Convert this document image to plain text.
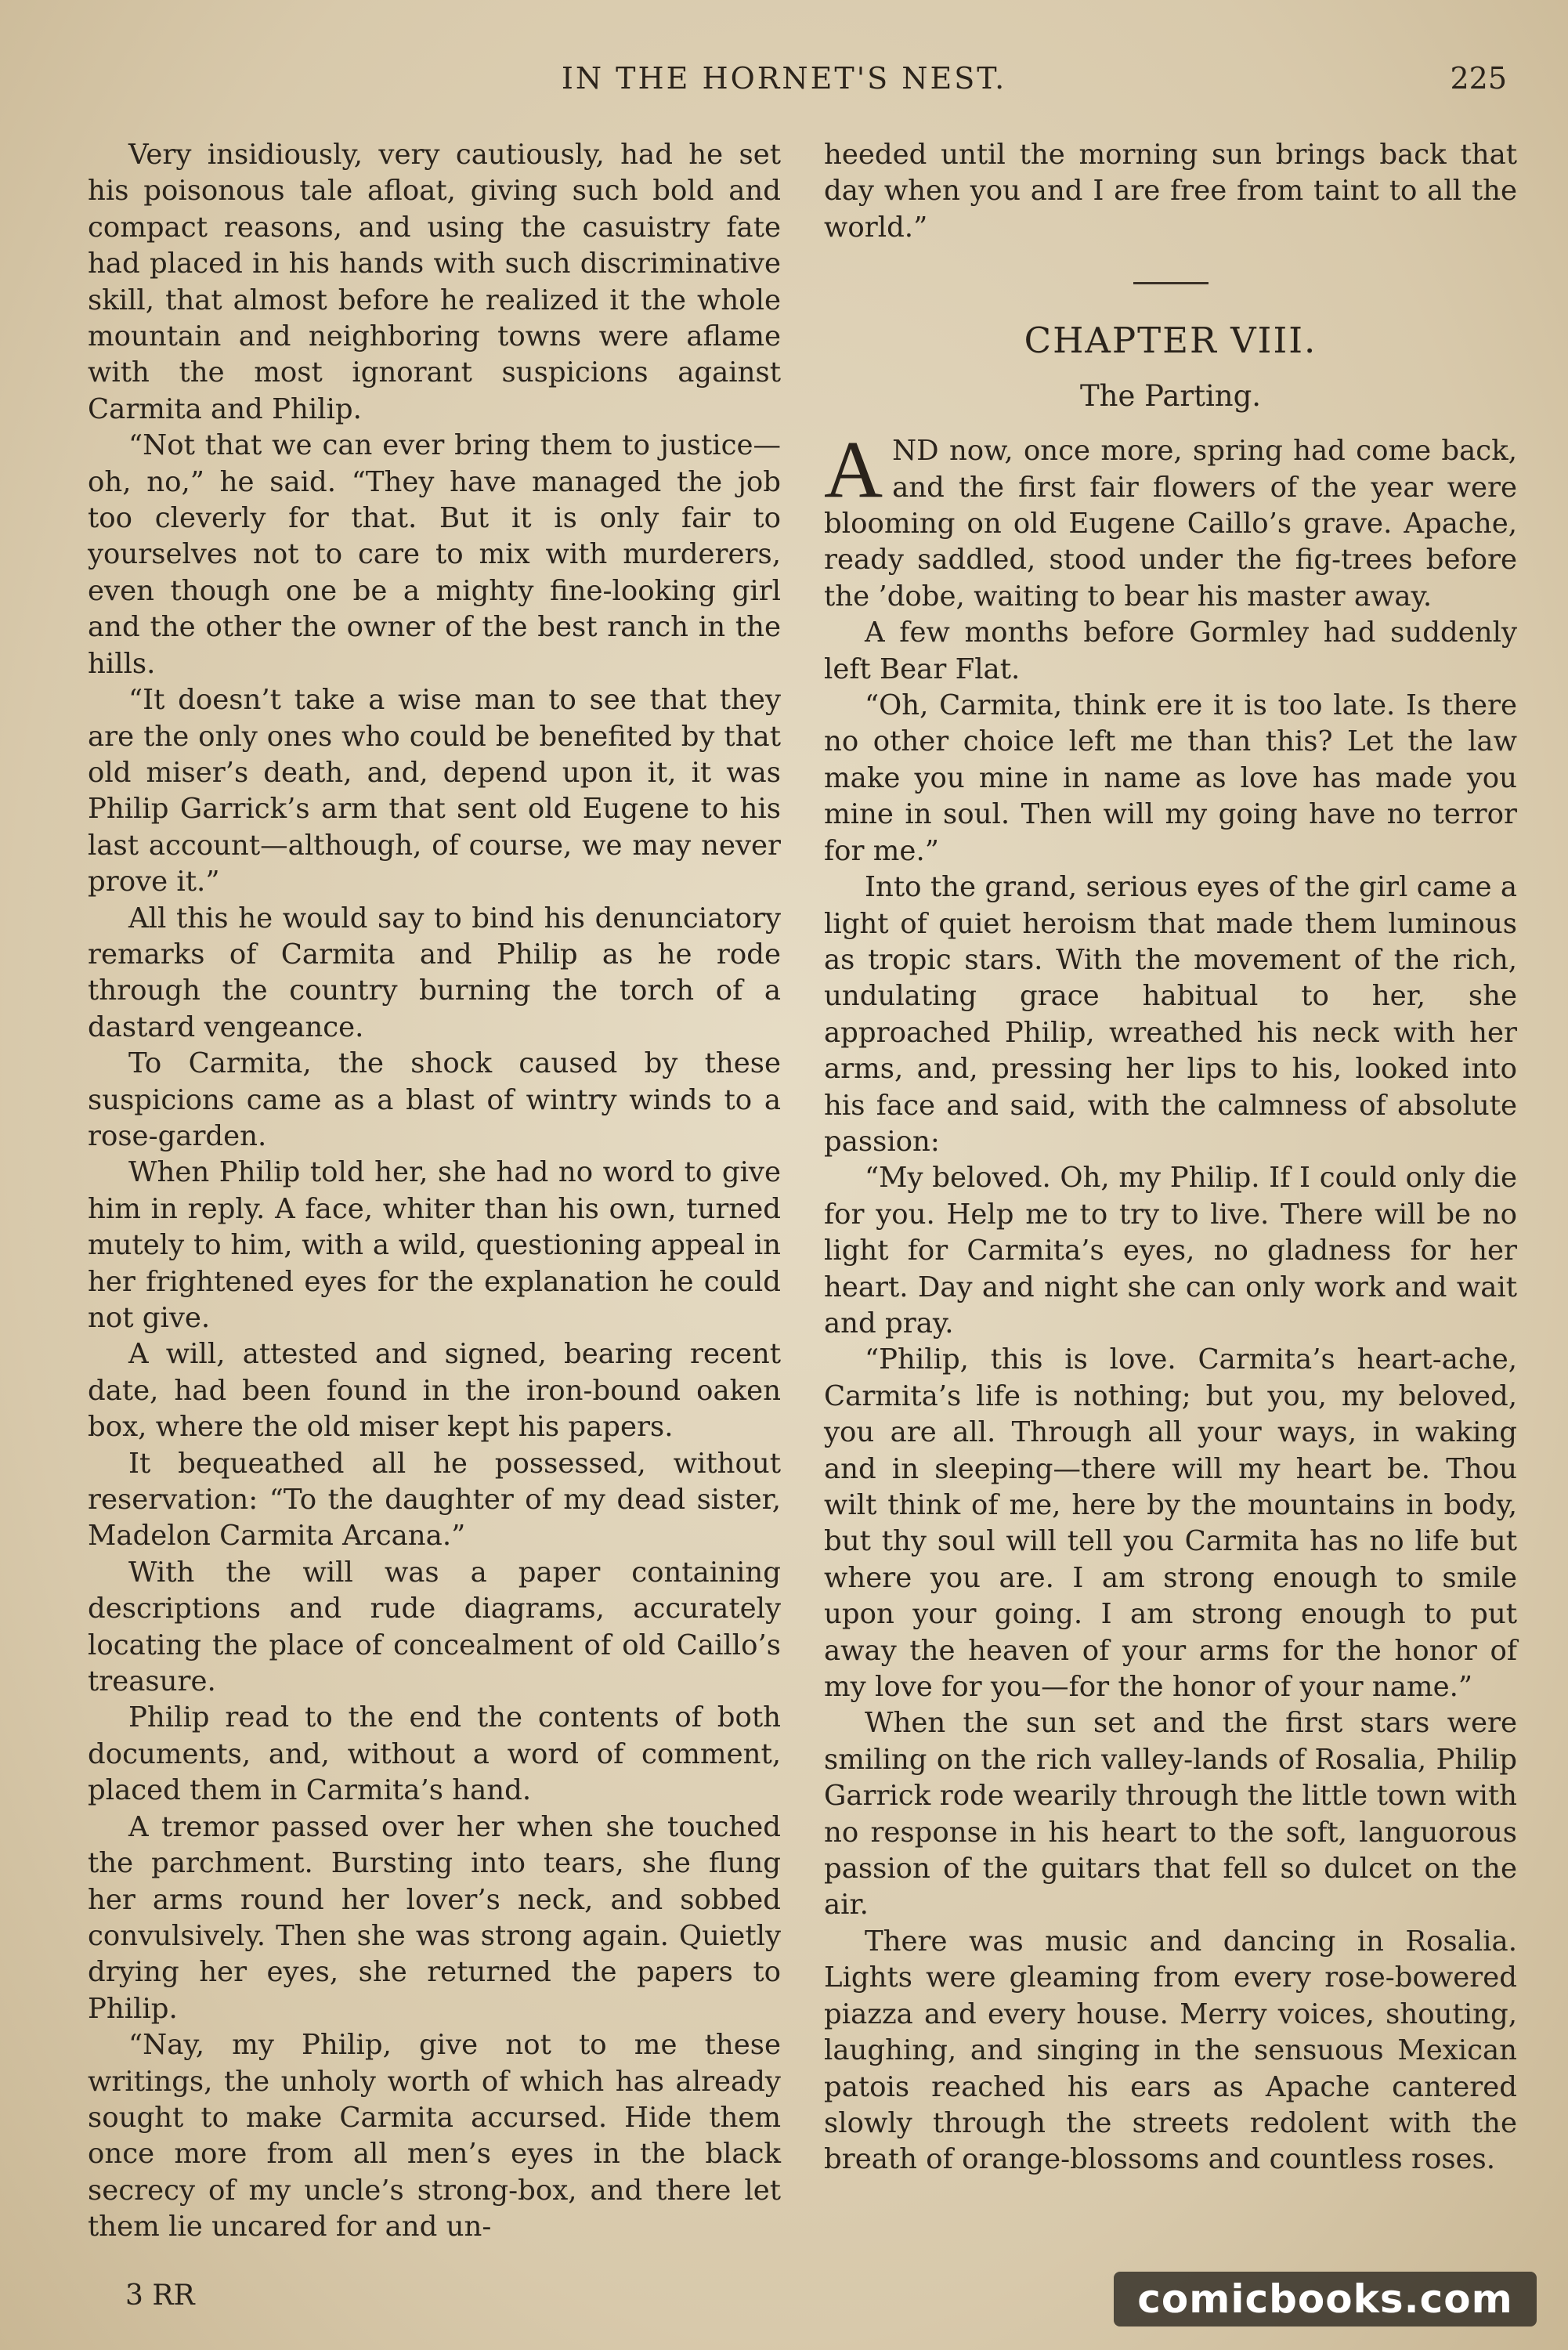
IN THE HORNET'S NEST.	225

Very insidiously, very cautiously, had he set his poisonous tale afloat, giving such bold and compact reasons, and using the casuistry fate had placed in his hands with such discriminative skill, that almost before he realized it the whole mountain and neighboring towns were aflame with the most ignorant suspicions against Carmita and Philip.

“Not that we can ever bring them to justice—oh, no,” he said. “They have managed the job too cleverly for that. But it is only fair to yourselves not to care to mix with murderers, even though one be a mighty fine-looking girl and the other the owner of the best ranch in the hills.

“It doesn’t take a wise man to see that they are the only ones who could be benefited by that old miser’s death, and, depend upon it, it was Philip Garrick’s arm that sent old Eugene to his last account—although, of course, we may never prove it.”

All this he would say to bind his denunciatory remarks of Carmita and Philip as he rode through the country burning the torch of a dastard vengeance.

To Carmita, the shock caused by these suspicions came as a blast of wintry winds to a rose-garden.

When Philip told her, she had no word to give him in reply. A face, whiter than his own, turned mutely to him, with a wild, questioning appeal in her frightened eyes for the explanation he could not give.

A will, attested and signed, bearing recent date, had been found in the iron-bound oaken box, where the old miser kept his papers.

It bequeathed all he possessed, without reservation: “To the daughter of my dead sister, Madelon Carmita Arcana.”

With the will was a paper containing descriptions and rude diagrams, accurately locating the place of concealment of old Caillo’s treasure.

Philip read to the end the contents of both documents, and, without a word of comment, placed them in Carmita’s hand.

A tremor passed over her when she touched the parchment. Bursting into tears, she flung her arms round her lover’s neck, and sobbed convulsively. Then she was strong again. Quietly drying her eyes, she returned the papers to Philip.

“Nay, my Philip, give not to me these writings, the unholy worth of which has already sought to make Carmita accursed. Hide them once more from all men’s eyes in the black secrecy of my uncle’s strong-box, and there let them lie uncared for and un-

heeded until the morning sun brings back that day when you and I are free from taint to all the world.”

CHAPTER VIII.
The Parting.

AND now, once more, spring had come back, and the first fair flowers of the year were blooming on old Eugene Caillo’s grave. Apache, ready saddled, stood under the fig-trees before the ’dobe, waiting to bear his master away.

A few months before Gormley had suddenly left Bear Flat.

“Oh, Carmita, think ere it is too late. Is there no other choice left me than this? Let the law make you mine in name as love has made you mine in soul. Then will my going have no terror for me.”

Into the grand, serious eyes of the girl came a light of quiet heroism that made them luminous as tropic stars. With the movement of the rich, undulating grace habitual to her, she approached Philip, wreathed his neck with her arms, and, pressing her lips to his, looked into his face and said, with the calmness of absolute passion:

“My beloved. Oh, my Philip. If I could only die for you. Help me to try to live. There will be no light for Carmita’s eyes, no gladness for her heart. Day and night she can only work and wait and pray.

“Philip, this is love. Carmita’s heart-ache, Carmita’s life is nothing; but you, my beloved, you are all. Through all your ways, in waking and in sleeping—there will my heart be. Thou wilt think of me, here by the mountains in body, but thy soul will tell you Carmita has no life but where you are. I am strong enough to smile upon your going. I am strong enough to put away the heaven of your arms for the honor of my love for you—for the honor of your name.”

When the sun set and the first stars were smiling on the rich valley-lands of Rosalia, Philip Garrick rode wearily through the little town with no response in his heart to the soft, languorous passion of the guitars that fell so dulcet on the air.

There was music and dancing in Rosalia. Lights were gleaming from every rose-bowered piazza and every house. Merry voices, shouting, laughing, and singing in the sensuous Mexican patois reached his ears as Apache cantered slowly through the streets redolent with the breath of orange-blossoms and countless roses.

3 RR	comicbooks.com
